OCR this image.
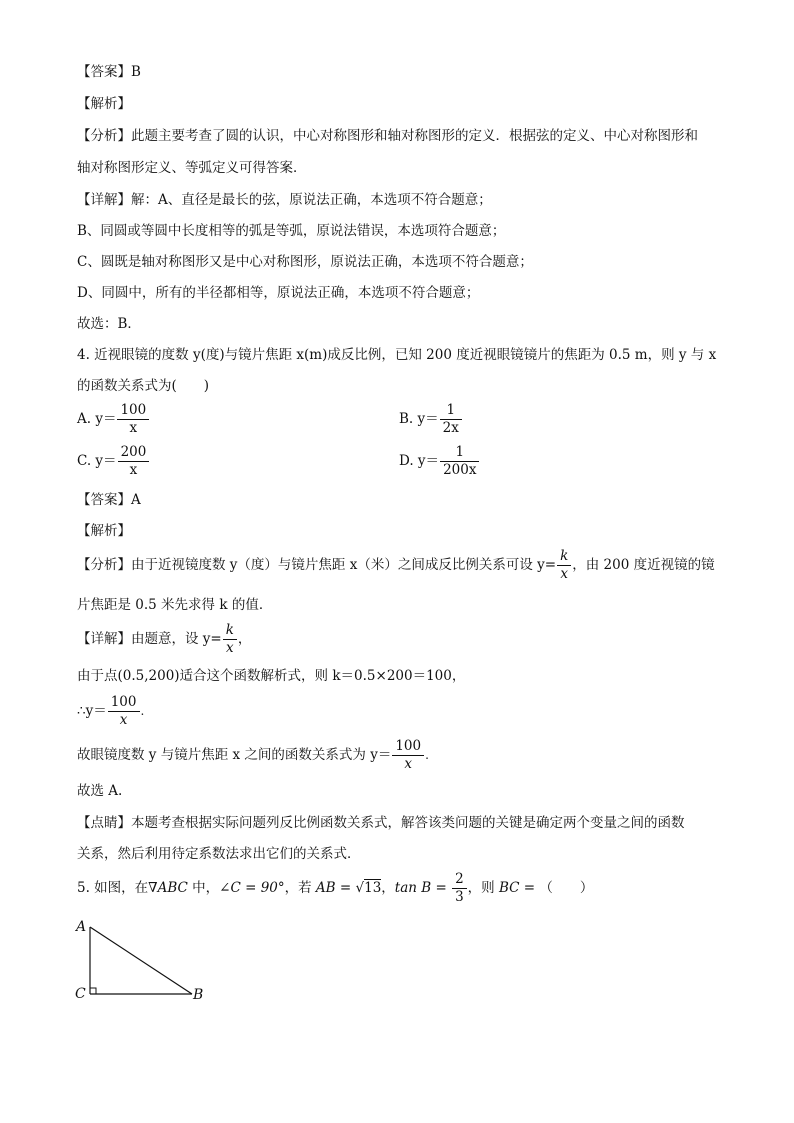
【答案】B
【解析】
【分析】此题主要考查了圆的认识，中心对称图形和轴对称图形的定义．根据弦的定义、中心对称图形和
轴对称图形定义、等弧定义可得答案．
【详解】解：A、直径是最长的弦，原说法正确，本选项不符合题意；
B、同圆或等圆中长度相等的弧是等弧，原说法错误，本选项符合题意；
C、圆既是轴对称图形又是中心对称图形，原说法正确，本选项不符合题意；
D、同圆中，所有的半径都相等，原说法正确，本选项不符合题意；
故选：B．
4. 近视眼镜的度数 y(度)与镜片焦距 x(m)成反比例，已知 200 度近视眼镜镜片的焦距为 0.5 m，则 y 与 x
的函数关系式为(　　)
A. $y= \frac{100}{x}$	B. $y= \frac{1}{2x}$
C. $y= \frac{200}{x}$	D. $y= \frac{1}{200x}$
【答案】A
【解析】
【分析】由于近视镜度数 y（度）与镜片焦距 x（米）之间成反比例关系可设 $y= \frac{k}{x}$ ，由 200 度近视镜的镜
片焦距是 0.5 米先求得 k 的值．
【详解】由题意，设 $y= \frac{k}{x}$ ，
由于点(0.5,200)适合这个函数解析式，则 k＝0.5×200＝100，
∴y＝ $\frac{100}{x}$ .
故眼镜度数 y 与镜片焦距 x 之间的函数关系式为 $y= \frac{100}{x}$ .
故选 A.
【点睛】本题考查根据实际问题列反比例函数关系式，解答该类问题的关键是确定两个变量之间的函数
关系，然后利用待定系数法求出它们的关系式．
5. 如图，在∇ABC 中，∠C = 90°，若 AB = √13，$\tan B = \frac{2}{3}$ ，则 BC = （　　）
A
C	B
